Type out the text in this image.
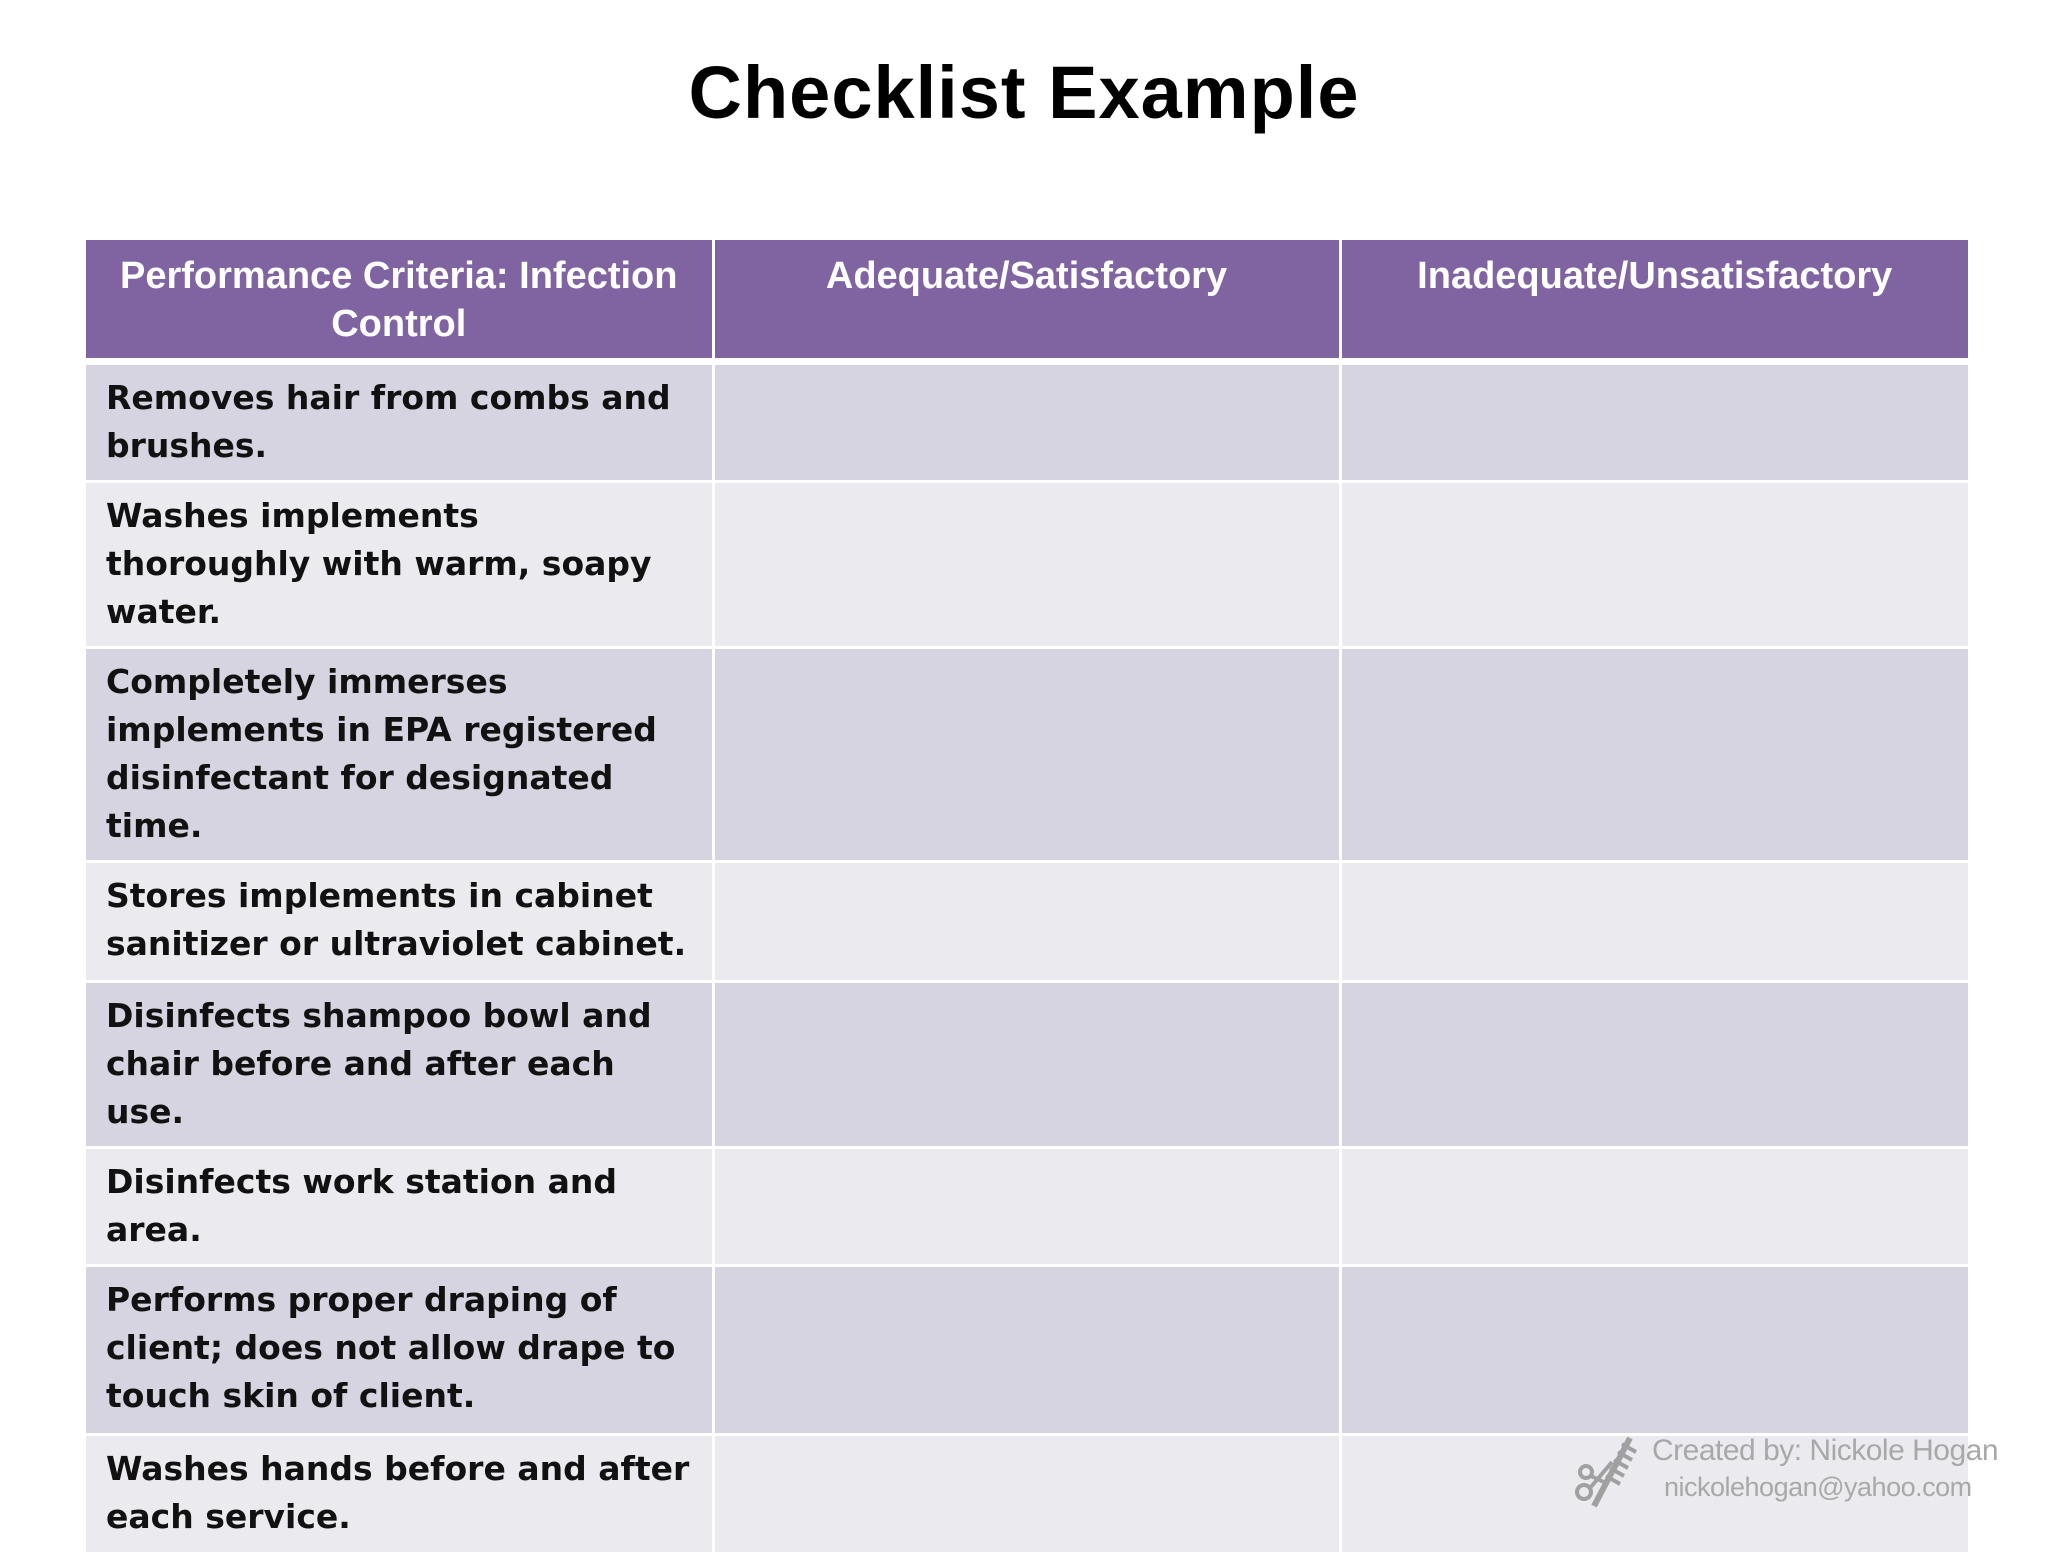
Checklist Example
Performance Criteria: Infection Control	Adequate/Satisfactory	Inadequate/Unsatisfactory
Removes hair from combs and brushes.		
Washes implements thoroughly with warm, soapy water.		
Completely immerses implements in EPA registered disinfectant for designated time.		
Stores implements in cabinet sanitizer or ultraviolet cabinet.		
Disinfects shampoo bowl and chair before and after each use.		
Disinfects work station and area.		
Performs proper draping of client; does not allow drape to touch skin of client.		
Washes hands before and after each service.		
Created by: Nickole Hogan
nickolehogan@yahoo.com
